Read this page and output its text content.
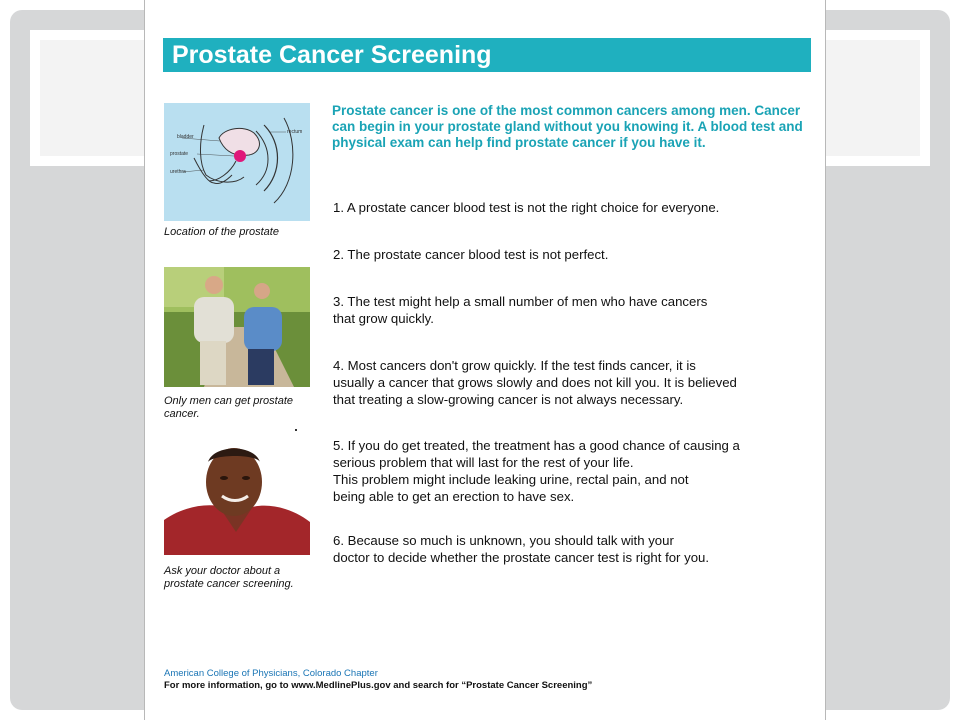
Prostate Cancer Screening
bladder
prostate
urethra
rectum
Location of the prostate
Only men can get prostate
cancer.
Ask your doctor about a
prostate cancer screening.
Prostate cancer is one of the most common cancers among men. Cancer can begin in your prostate gland without you knowing it. A blood test and physical exam can help find prostate cancer if you have it.
1. A prostate cancer blood test is not the right choice for everyone.
2. The prostate cancer blood test is not perfect.
3. The test might help a small number of men who have cancers
that grow quickly.
4. Most cancers don't grow quickly. If the test finds cancer, it is
usually a cancer that grows slowly and does not kill you. It is believed
that treating a slow-growing cancer is not always necessary.
5. If you do get treated, the treatment has a good chance of causing a
serious problem that will last for the rest of your life.
This problem might include leaking urine, rectal pain, and not
being able to get an erection to have sex.
6. Because so much is unknown, you should talk with your
doctor to decide whether the prostate cancer test is right for you.
American College of Physicians, Colorado Chapter
For more information, go to www.MedlinePlus.gov and search for “Prostate Cancer Screening”
